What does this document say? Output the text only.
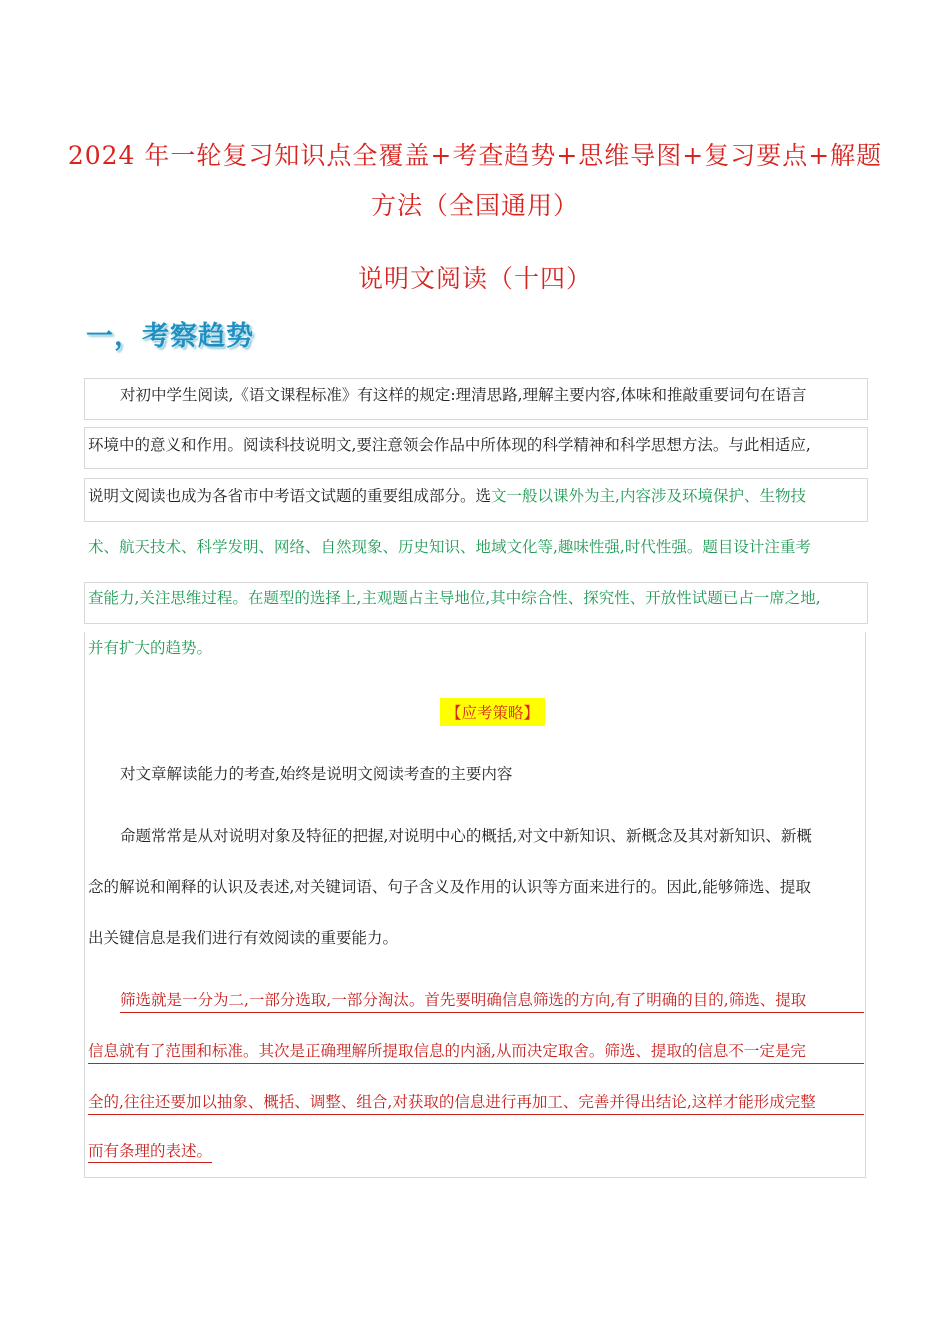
2024 年一轮复习知识点全覆盖+考查趋势+思维导图+复习要点+解题
方法（全国通用）
说明文阅读（十四）
一，考察趋势
对初中学生阅读,《语文课程标准》有这样的规定:理清思路,理解主要内容,体味和推敲重要词句在语言
环境中的意义和作用。阅读科技说明文,要注意领会作品中所体现的科学精神和科学思想方法。与此相适应,
说明文阅读也成为各省市中考语文试题的重要组成部分。选文一般以课外为主,内容涉及环境保护、生物技
术、航天技术、科学发明、网络、自然现象、历史知识、地域文化等,趣味性强,时代性强。题目设计注重考
查能力,关注思维过程。在题型的选择上,主观题占主导地位,其中综合性、探究性、开放性试题已占一席之地,
并有扩大的趋势。
【应考策略】
对文章解读能力的考查,始终是说明文阅读考查的主要内容
命题常常是从对说明对象及特征的把握,对说明中心的概括,对文中新知识、新概念及其对新知识、新概
念的解说和阐释的认识及表述,对关键词语、句子含义及作用的认识等方面来进行的。因此,能够筛选、提取
出关键信息是我们进行有效阅读的重要能力。
筛选就是一分为二,一部分选取,一部分淘汰。首先要明确信息筛选的方向,有了明确的目的,筛选、提取
信息就有了范围和标准。其次是正确理解所提取信息的内涵,从而决定取舍。筛选、提取的信息不一定是完
全的,往往还要加以抽象、概括、调整、组合,对获取的信息进行再加工、完善并得出结论,这样才能形成完整
而有条理的表述。
